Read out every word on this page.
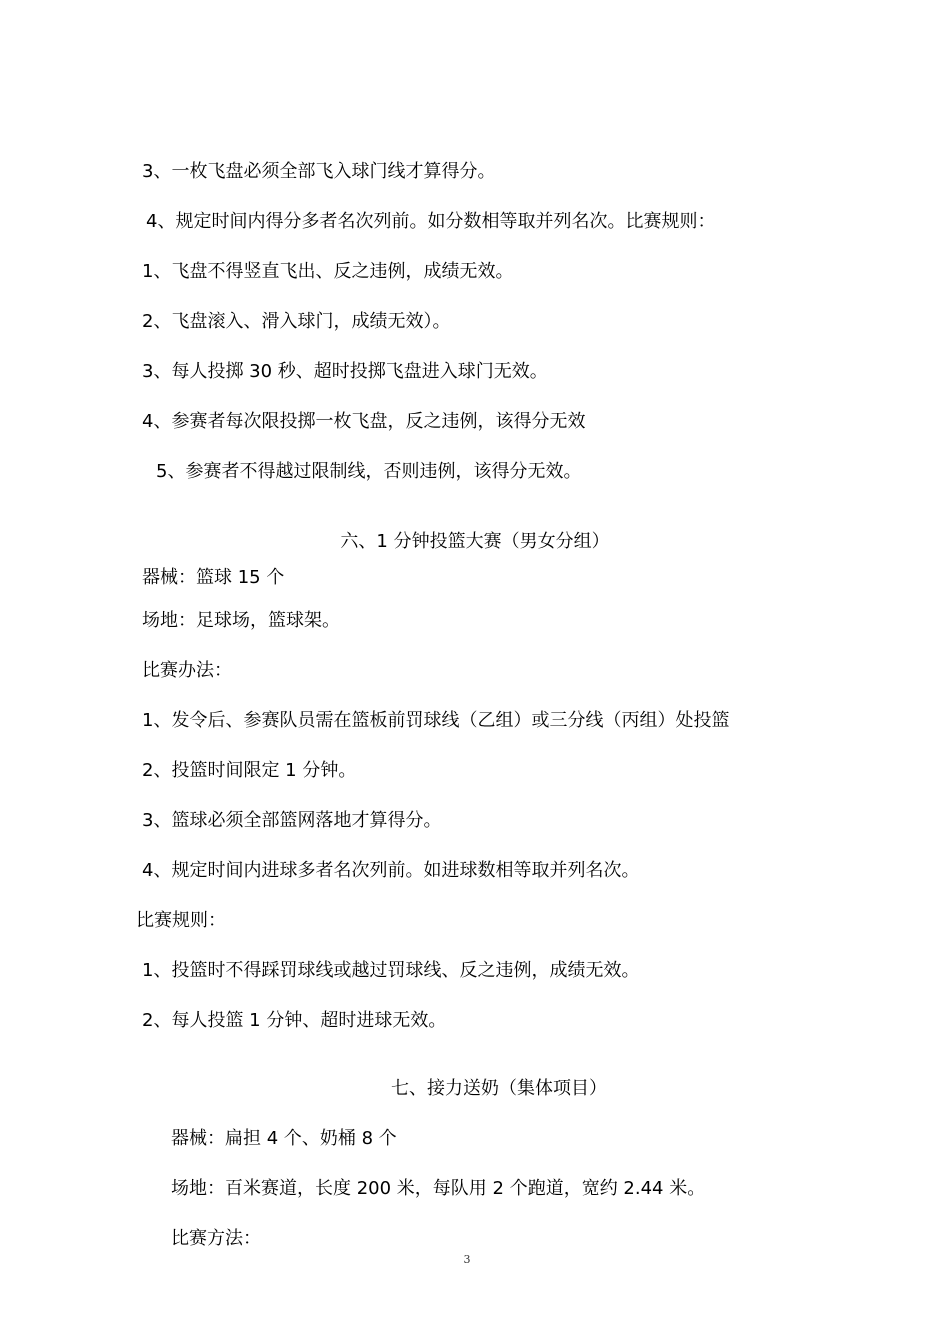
3、一枚飞盘必须全部飞入球门线才算得分。
4、规定时间内得分多者名次列前。如分数相等取并列名次。比赛规则：
1、飞盘不得竖直飞出、反之违例，成绩无效。
2、飞盘滚入、滑入球门，成绩无效）。
3、每人投掷 30 秒、超时投掷飞盘进入球门无效。
4、参赛者每次限投掷一枚飞盘，反之违例，该得分无效
5、参赛者不得越过限制线，否则违例，该得分无效。
六、1 分钟投篮大赛（男女分组）
器械：篮球 15 个
场地：足球场，篮球架。
比赛办法：
1、发令后、参赛队员需在篮板前罚球线（乙组）或三分线（丙组）处投篮
2、投篮时间限定 1 分钟。
3、篮球必须全部篮网落地才算得分。
4、规定时间内进球多者名次列前。如进球数相等取并列名次。
比赛规则：
1、投篮时不得踩罚球线或越过罚球线、反之违例，成绩无效。
2、每人投篮 1 分钟、超时进球无效。
七、接力送奶（集体项目）
器械：扁担 4 个、奶桶 8 个
场地：百米赛道，长度 200 米，每队用 2 个跑道，宽约 2.44 米。
比赛方法：
3
